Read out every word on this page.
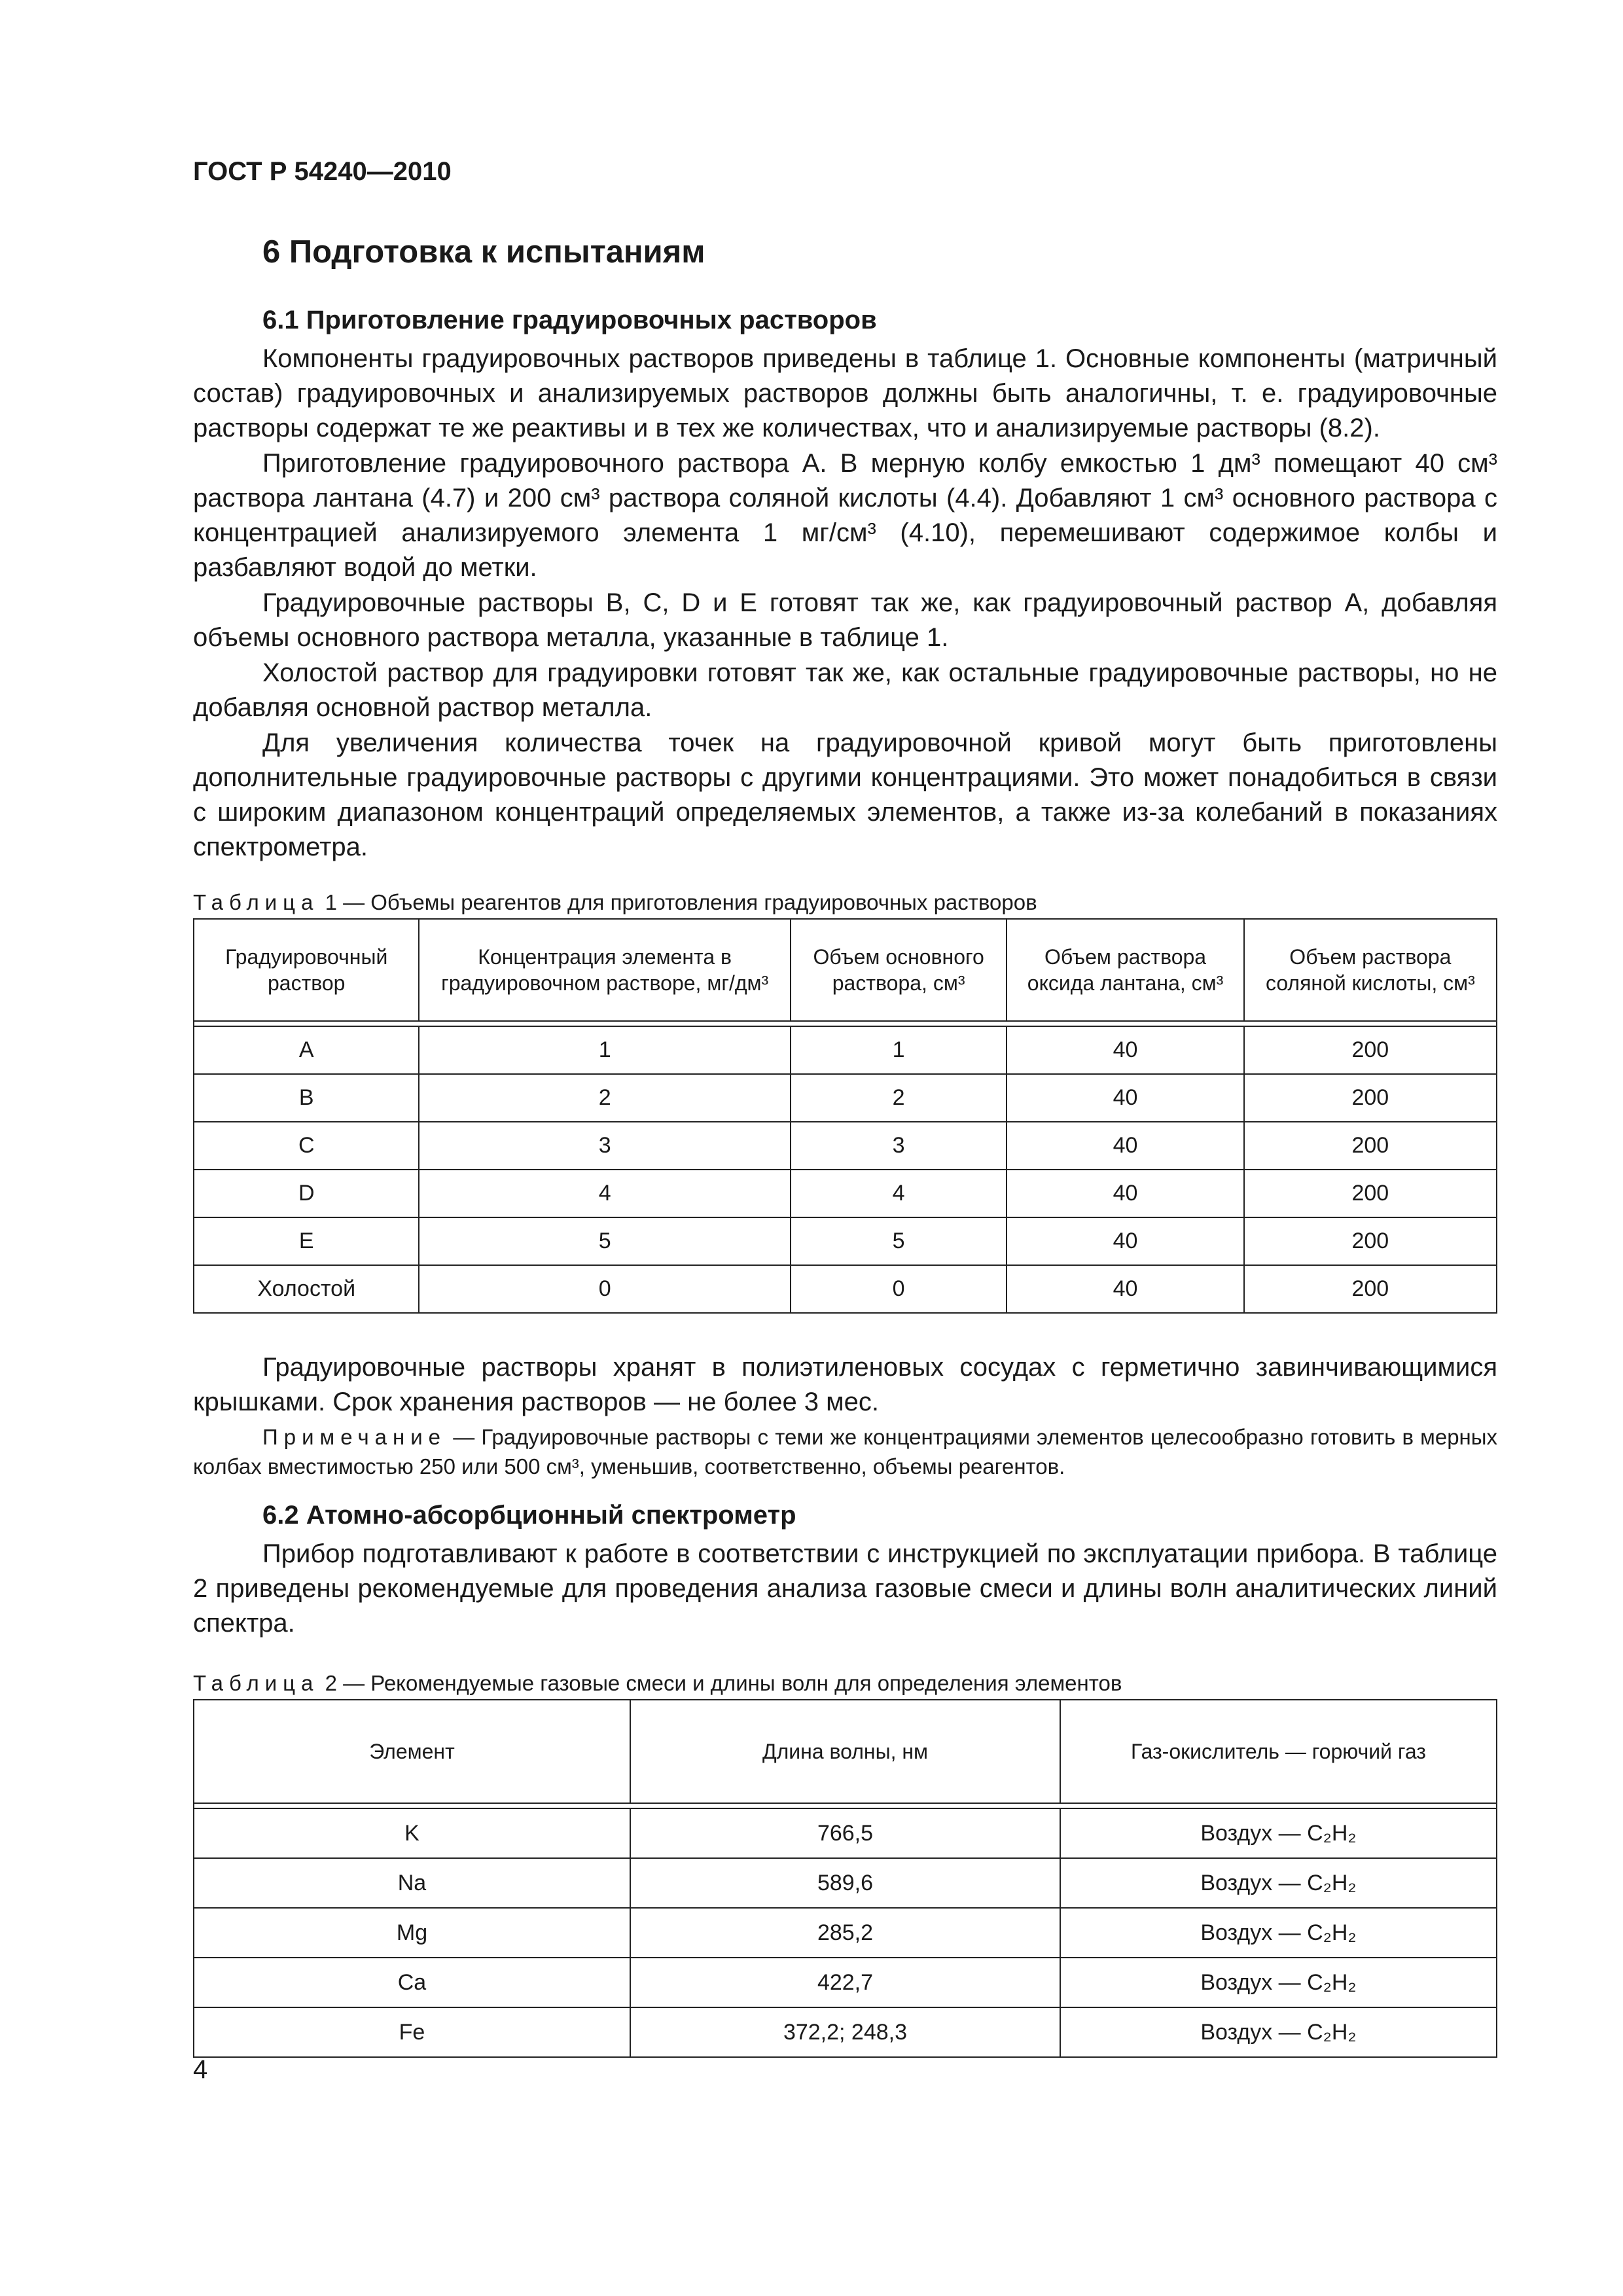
ГОСТ Р 54240—2010
6 Подготовка к испытаниям
6.1 Приготовление градуировочных растворов

Компоненты градуировочных растворов приведены в таблице 1. Основные компоненты (матричный состав) градуировочных и анализируемых растворов должны быть аналогичны, т. е. градуировочные растворы содержат те же реактивы и в тех же количествах, что и анализируемые растворы (8.2).

Приготовление градуировочного раствора А. В мерную колбу емкостью 1 дм³ помещают 40 см³ раствора лантана (4.7) и 200 см³ раствора соляной кислоты (4.4). Добавляют 1 см³ основного раствора с концентрацией анализируемого элемента 1 мг/см³ (4.10), перемешивают содержимое колбы и разбавляют водой до метки.

Градуировочные растворы B, C, D и E готовят так же, как градуировочный раствор А, добавляя объемы основного раствора металла, указанные в таблице 1.

Холостой раствор для градуировки готовят так же, как остальные градуировочные растворы, но не добавляя основной раствор металла.

Для увеличения количества точек на градуировочной кривой могут быть приготовлены дополнительные градуировочные растворы с другими концентрациями. Это может понадобиться в связи с широким диапазоном концентраций определяемых элементов, а также из-за колебаний в показаниях спектрометра.

Таблица 1 — Объемы реагентов для приготовления градуировочных растворов
Градуировочный раствор	Концентрация элемента в градуировочном растворе, мг/дм³	Объем основного раствора, см³	Объем раствора оксида лантана, см³	Объем раствора соляной кислоты, см³

A	1	1	40	200
B	2	2	40	200
C	3	3	40	200
D	4	4	40	200
E	5	5	40	200
Холостой	0	0	40	200

Градуировочные растворы хранят в полиэтиленовых сосудах с герметично завинчивающимися крышками. Срок хранения растворов — не более 3 мес.

Примечание — Градуировочные растворы с теми же концентрациями элементов целесообразно готовить в мерных колбах вместимостью 250 или 500 см³, уменьшив, соответственно, объемы реагентов.

6.2 Атомно-абсорбционный спектрометр

Прибор подготавливают к работе в соответствии с инструкцией по эксплуатации прибора. В таблице 2 приведены рекомендуемые для проведения анализа газовые смеси и длины волн аналитических линий спектра.

Таблица 2 — Рекомендуемые газовые смеси и длины волн для определения элементов
Элемент	Длина волны, нм	Газ-окислитель — горючий газ

K	766,5	Воздух — C₂H₂
Na	589,6	Воздух — C₂H₂
Mg	285,2	Воздух — C₂H₂
Ca	422,7	Воздух — C₂H₂
Fe	372,2; 248,3	Воздух — C₂H₂
4
